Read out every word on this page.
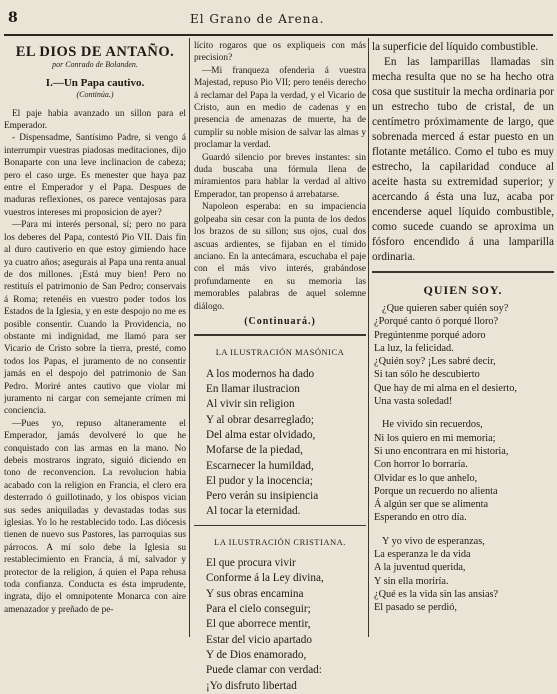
8	El Grano de Arena.
EL DIOS DE ANTAÑO.
por Conrado de Bolanden.
I.—Un Papa cautivo.
(Continúa.)

El paje habia avanzado un sillon para el Emperador.

- Dispensadme, Santísimo Padre, si vengo á interrumpir vuestras piadosas meditaciones, dijo Bonaparte con una leve inclinacion de cabeza; pero el caso urge. Es menester que haya paz entre el Emperador y el Papa. Despues de maduras reflexiones, os parece ventajosas para vuestros intereses mi proposicion de ayer?

—Para mi interés personal, sí; pero no para los deberes del Papa, contestó Pio VII. Dais fin al duro cautiverio en que estoy gimiendo hace ya cuatro años; asegurais al Papa una renta anual de dos millones. ¡Está muy bien! Pero no restituís el patrimonio de San Pedro; conservais á Roma; retenéis en vuestro poder todos los Estados de la Iglesia, y en este despojo no me es posible consentir. Cuando la Providencia, no obstante mi indignidad, me llamó para ser Vicario de Cristo sobre la tierra, presté, como todos los Papas, el juramento de no consentir jamás en el despojo del patrimonio de San Pedro. Moriré antes cautivo que violar mi juramento ni cargar con semejante crímen mi conciencia.

—Pues yo, repuso altaneramente el Emperador, jamás devolveré lo que he conquistado con las armas en la mano. No debeis mostraros ingrato, siguió diciendo en tono de reconvencion. La revolucion habia acabado con la religion en Francia, el clero era desterrado ó guillotinado, y los obispos vician sus sedes aniquiladas y devastadas todas sus iglesias. Yo lo he restablecido todo. Las diócesis tienen de nuevo sus Pastores, las parroquias sus párrocos. A mí solo debe la Iglesia su restablecimiento en Francia, á mí, salvador y protector de la religion, á quien el Papa rehusa toda confianza. Conducta es ésta imprudente, ingrata, dijo el omnipotente Monarca con aire amenazador y preñado de pe-

lícito rogaros que os expliqueis con más precision?

—Mi franqueza ofenderia á vuestra Majestad, repuso Pio VII; pero tenéis derecho á reclamar del Papa la verdad, y el Vicario de Cristo, aun en medio de cadenas y en presencia de amenazas de muerte, ha de cumplir su noble mision de salvar las almas y proclamar la verdad.

Guardó silencio por breves instantes: sin duda buscaba una fórmula llena de miramientos para hablar la verdad al altivo Emperador, tan propenso á arrebatarse.

Napoleon esperaba: en su impaciencia golpeaba sin cesar con la punta de los dedos los brazos de su sillon; sus ojos, cual dos ascuas ardientes, se fijaban en el tímido anciano. En la antecámara, escuchaba el paje con el más vivo interés, grabándose profundamente en su memoria las memorables palabras de aquel solemne diálogo.

(Continuará.)
LA ILUSTRACIÓN MASÓNICA
A los modernos ha dado
En llamar ilustracion
Al vivir sin religion
Y al obrar desarreglado;
Del alma estar olvidado,
Mofarse de la piedad,
Escarnecer la humildad,
El pudor y la inocencia;
Pero verán su insipiencia
Al tocar la eternidad.
LA ILUSTRACIÓN CRISTIANA.
El que procura vivir
Conforme á la Ley divina,
Y sus obras encamina
Para el cielo conseguir;
El que aborrece mentir,
Estar del vicio apartado
Y de Dios enamorado,
Puede clamar con verdad:
¡Yo disfruto libertad

la superficie del líquido combustible.

En las lamparillas llamadas sin mecha resulta que no se ha hecho otra cosa que sustituir la mecha ordinaria por un estrecho tubo de cristal, de un centímetro próximamente de largo, que sobrenada merced á estar puesto en un flotante metálico. Como el tubo es muy estrecho, la capilaridad conduce al aceite hasta su extremidad superior; y acercando á ésta una luz, acaba por encenderse aquel líquido combustible, como sucede cuando se aproxima un fósforo encendido á una lamparilla ordinaria.

QUIEN SOY.
¿Que quieren saber quién soy?
¿Porqué canto ó porqué lloro?
Pregúntenme porqué adoro
La luz, la felicidad.
¿Quién soy? ¡Les sabré decir,
Si tan sólo he descubierto
Que hay de mi alma en el desierto,
Una vasta soledad!
He vivido sin recuerdos,
Ni los quiero en mi memoria;
Si uno encontrara en mi historia,
Con horror lo borraría.
Olvidar es lo que anhelo,
Porque un recuerdo no alienta
Á algún ser que se alimenta
Esperando en otro día.
Y yo vivo de esperanzas,
La esperanza le da vida
A la juventud querida,
Y sin ella moriría.
¿Qué es la vida sin las ansias?
El pasado se perdió,
